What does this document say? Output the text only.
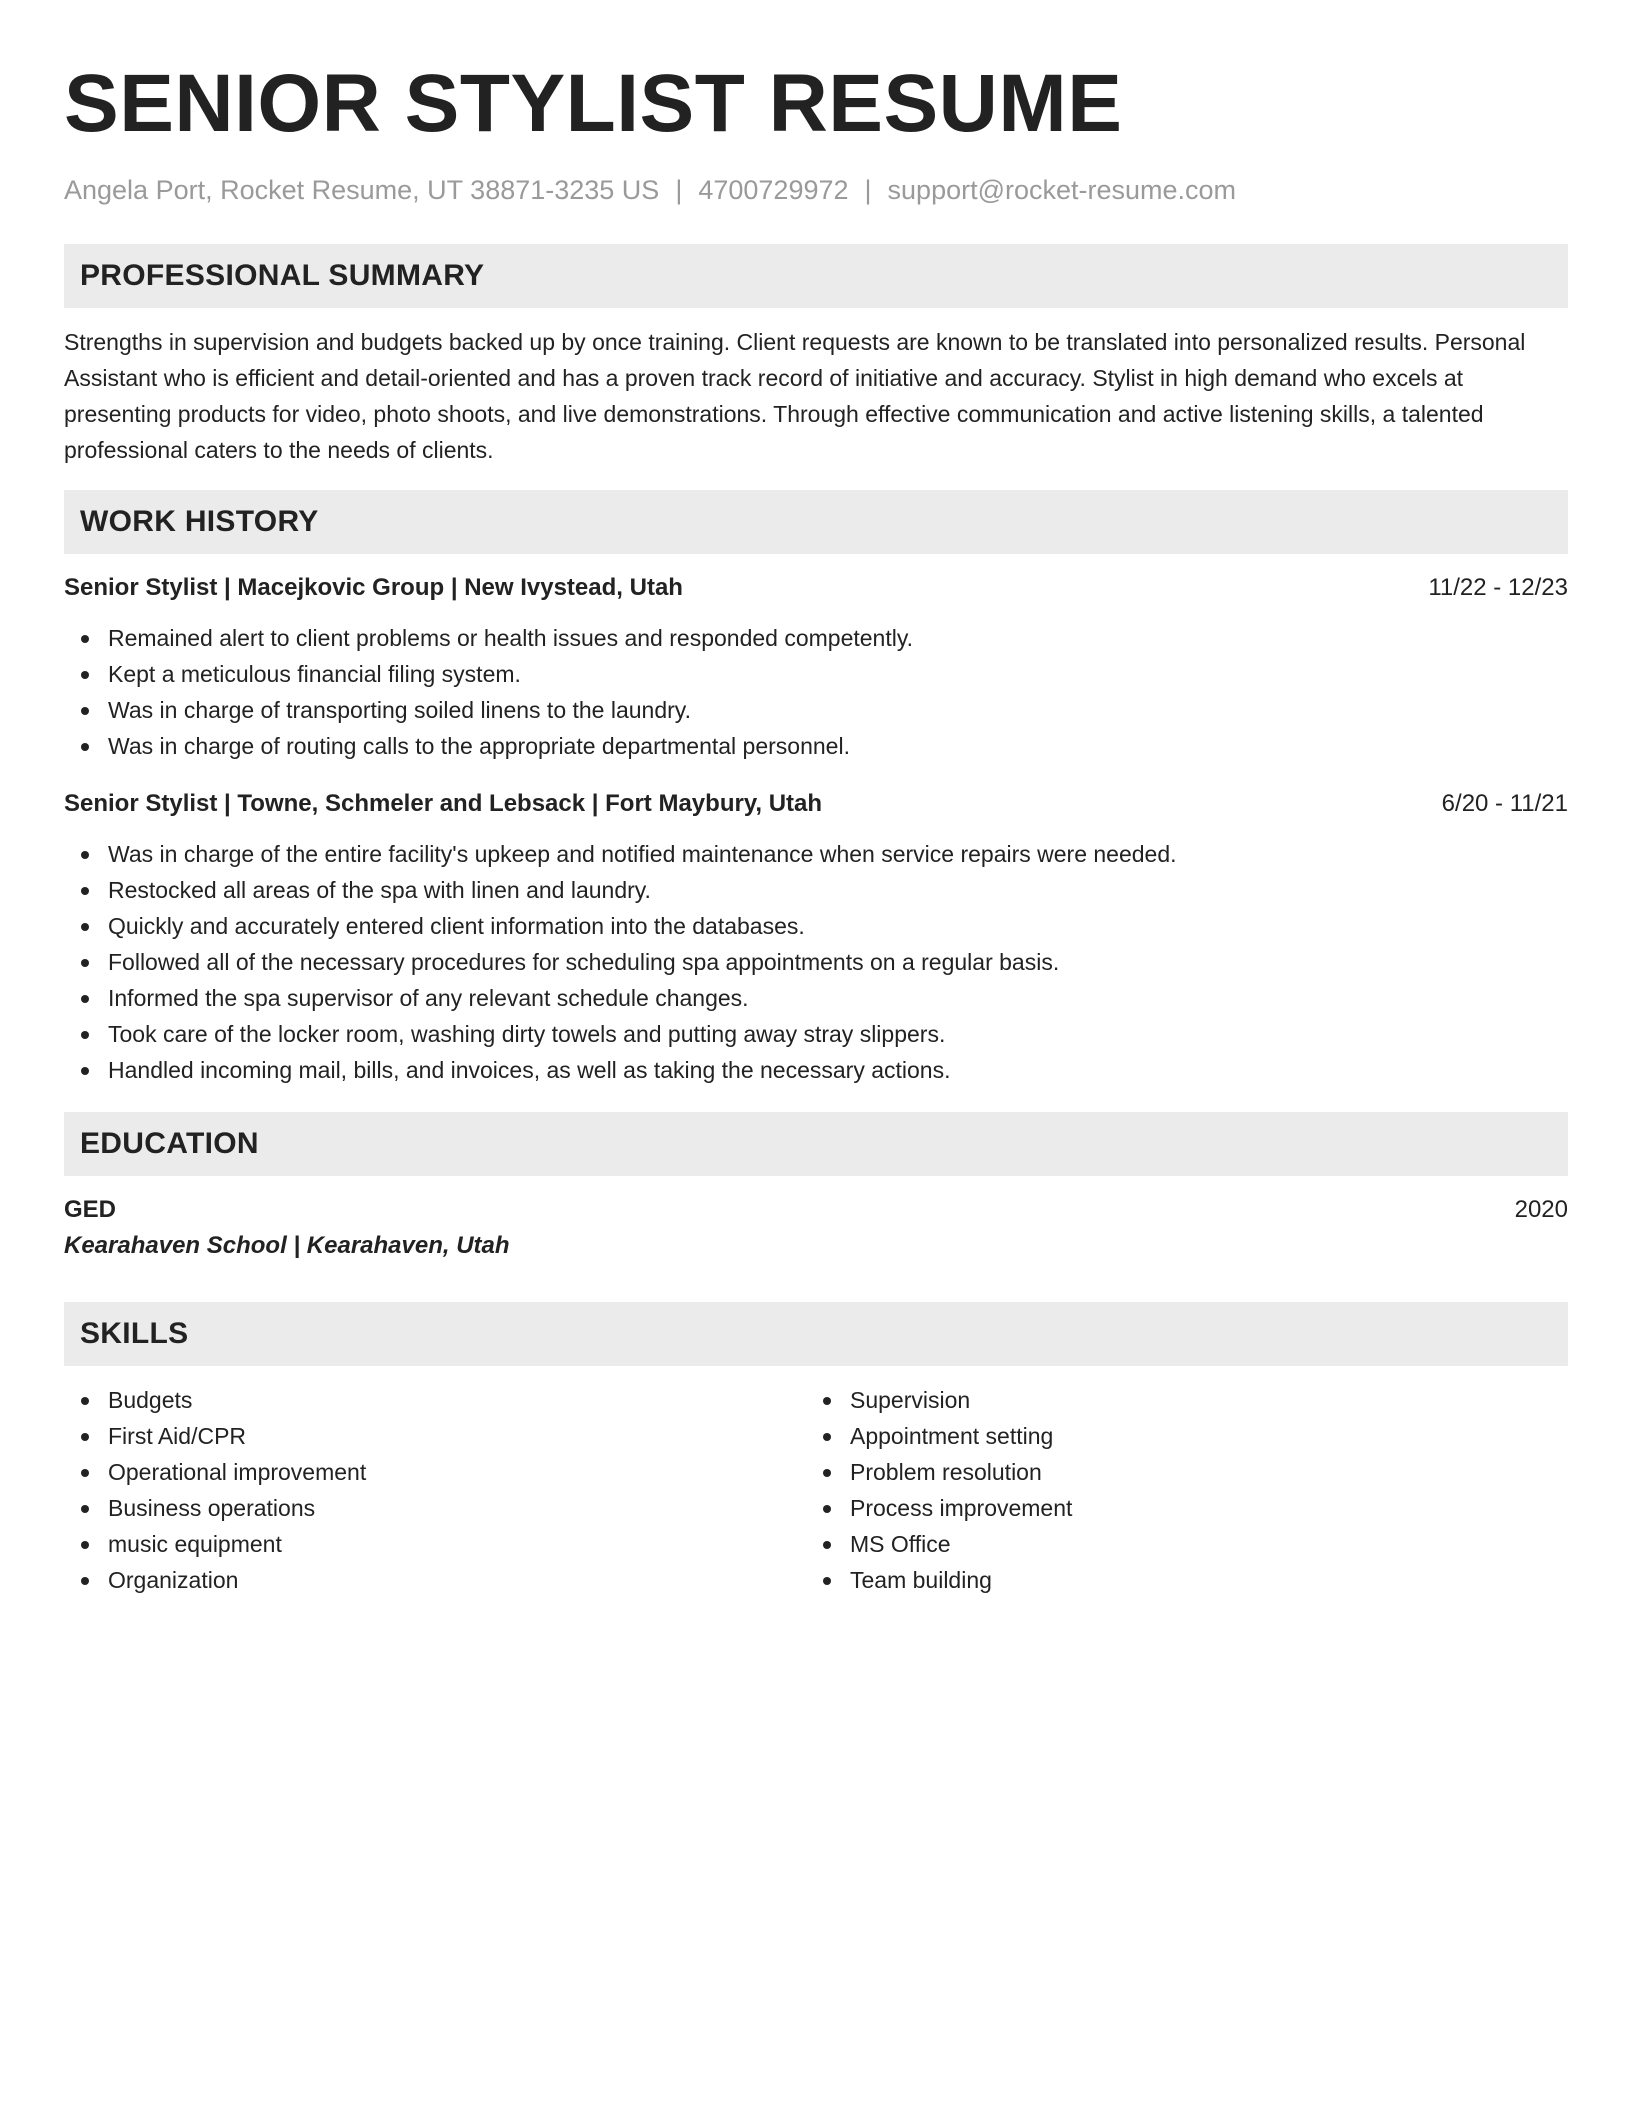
SENIOR STYLIST RESUME
Angela Port, Rocket Resume, UT 38871-3235 US | 4700729972 | support@rocket-resume.com
PROFESSIONAL SUMMARY

Strengths in supervision and budgets backed up by once training. Client requests are known to be translated into personalized results. Personal Assistant who is efficient and detail-oriented and has a proven track record of initiative and accuracy. Stylist in high demand who excels at presenting products for video, photo shoots, and live demonstrations. Through effective communication and active listening skills, a talented professional caters to the needs of clients.

WORK HISTORY
Senior Stylist | Macejkovic Group | New Ivystead, Utah	11/22 - 12/23
Remained alert to client problems or health issues and responded competently.
Kept a meticulous financial filing system.
Was in charge of transporting soiled linens to the laundry.
Was in charge of routing calls to the appropriate departmental personnel.
Senior Stylist | Towne, Schmeler and Lebsack | Fort Maybury, Utah	6/20 - 11/21
Was in charge of the entire facility's upkeep and notified maintenance when service repairs were needed.
Restocked all areas of the spa with linen and laundry.
Quickly and accurately entered client information into the databases.
Followed all of the necessary procedures for scheduling spa appointments on a regular basis.
Informed the spa supervisor of any relevant schedule changes.
Took care of the locker room, washing dirty towels and putting away stray slippers.
Handled incoming mail, bills, and invoices, as well as taking the necessary actions.
EDUCATION
GED	2020
Kearahaven School | Kearahaven, Utah
SKILLS
Budgets
First Aid/CPR
Operational improvement
Business operations
music equipment
Organization
Supervision
Appointment setting
Problem resolution
Process improvement
MS Office
Team building
